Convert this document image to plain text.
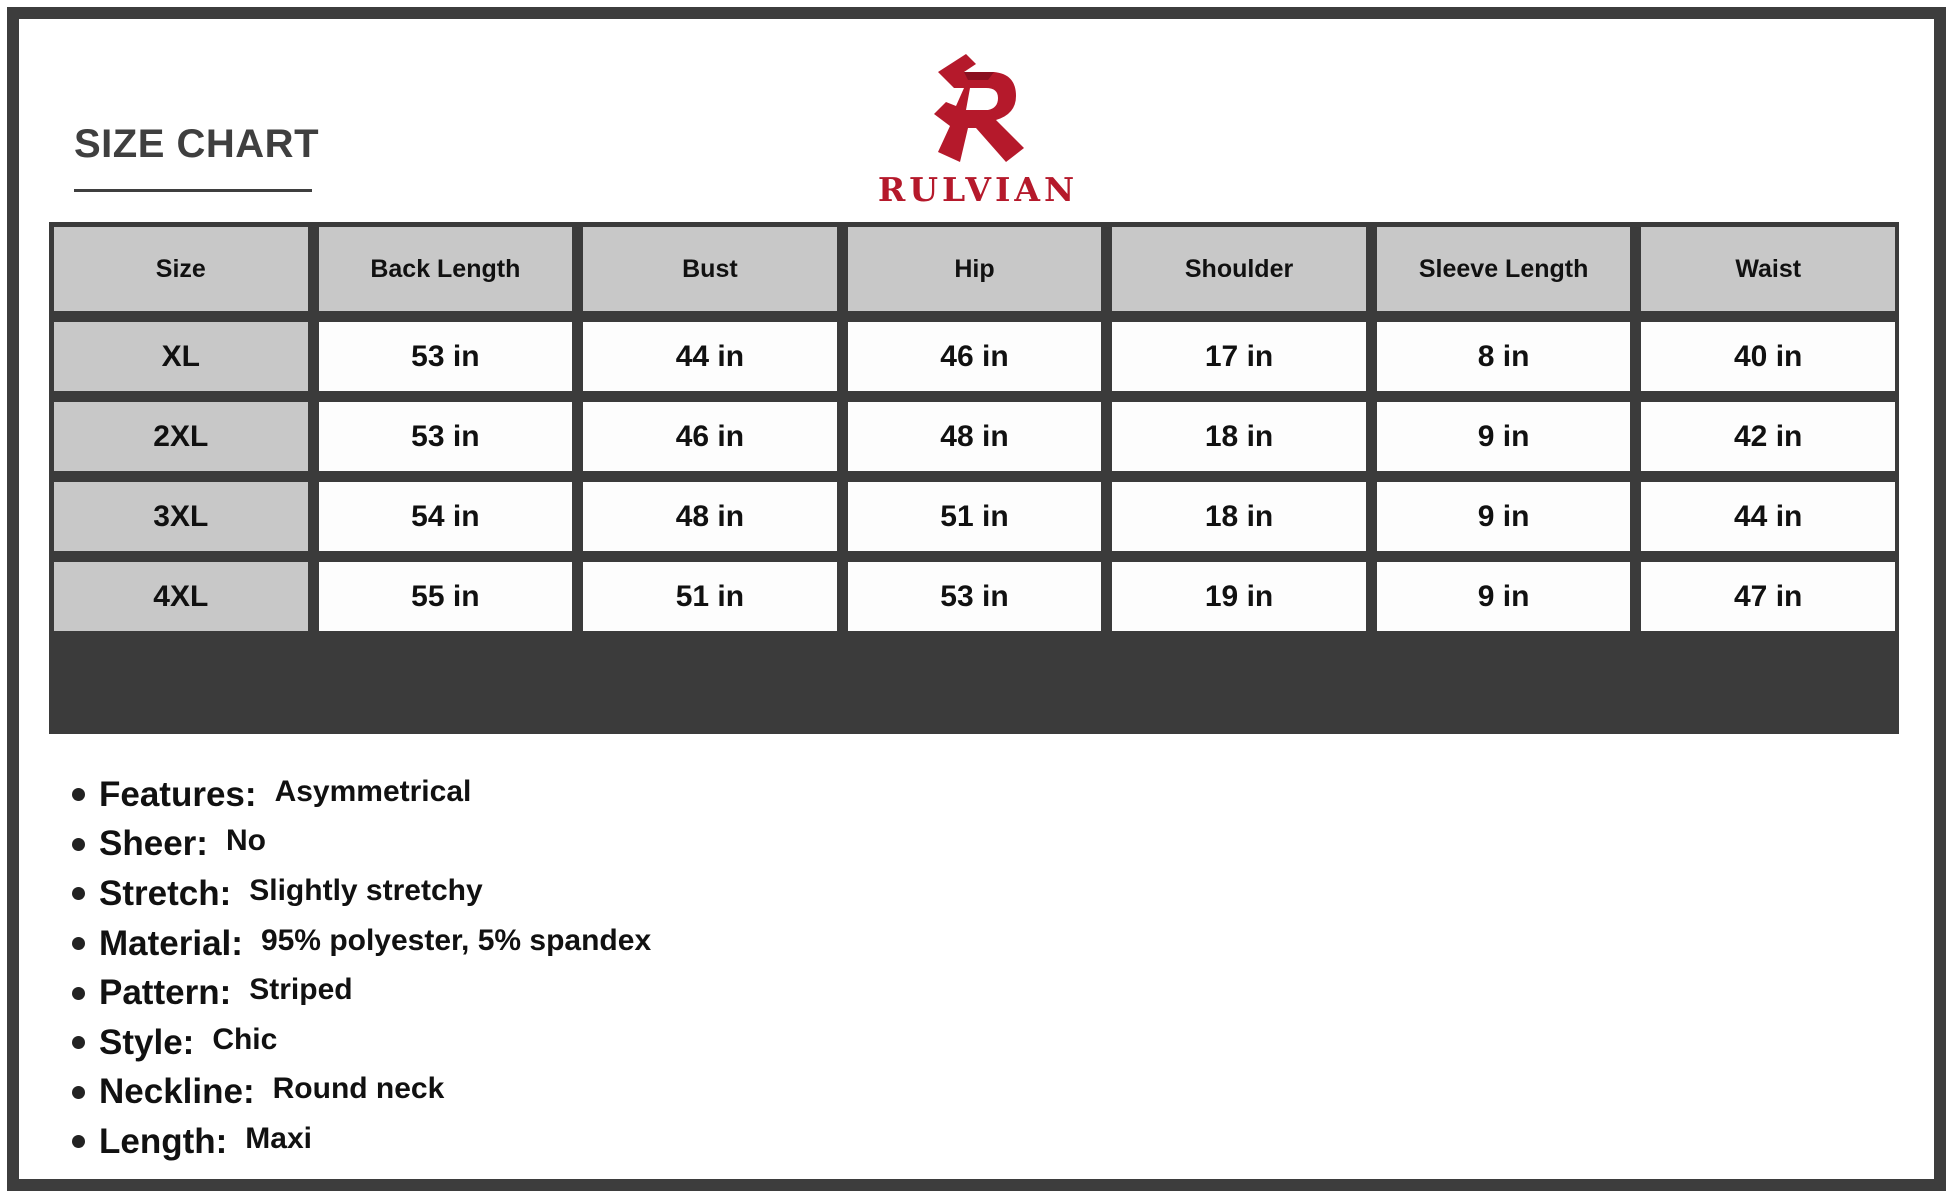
SIZE CHART
RULVIAN
Size	Back Length	Bust	Hip	Shoulder	Sleeve Length	Waist
XL	53 in	44 in	46 in	17 in	8 in	40 in
2XL	53 in	46 in	48 in	18 in	9 in	42 in
3XL	54 in	48 in	51 in	18 in	9 in	44 in
4XL	55 in	51 in	53 in	19 in	9 in	47 in
Features: Asymmetrical
Sheer: No
Stretch: Slightly stretchy
Material: 95% polyester, 5% spandex
Pattern: Striped
Style: Chic
Neckline: Round neck
Length: Maxi
